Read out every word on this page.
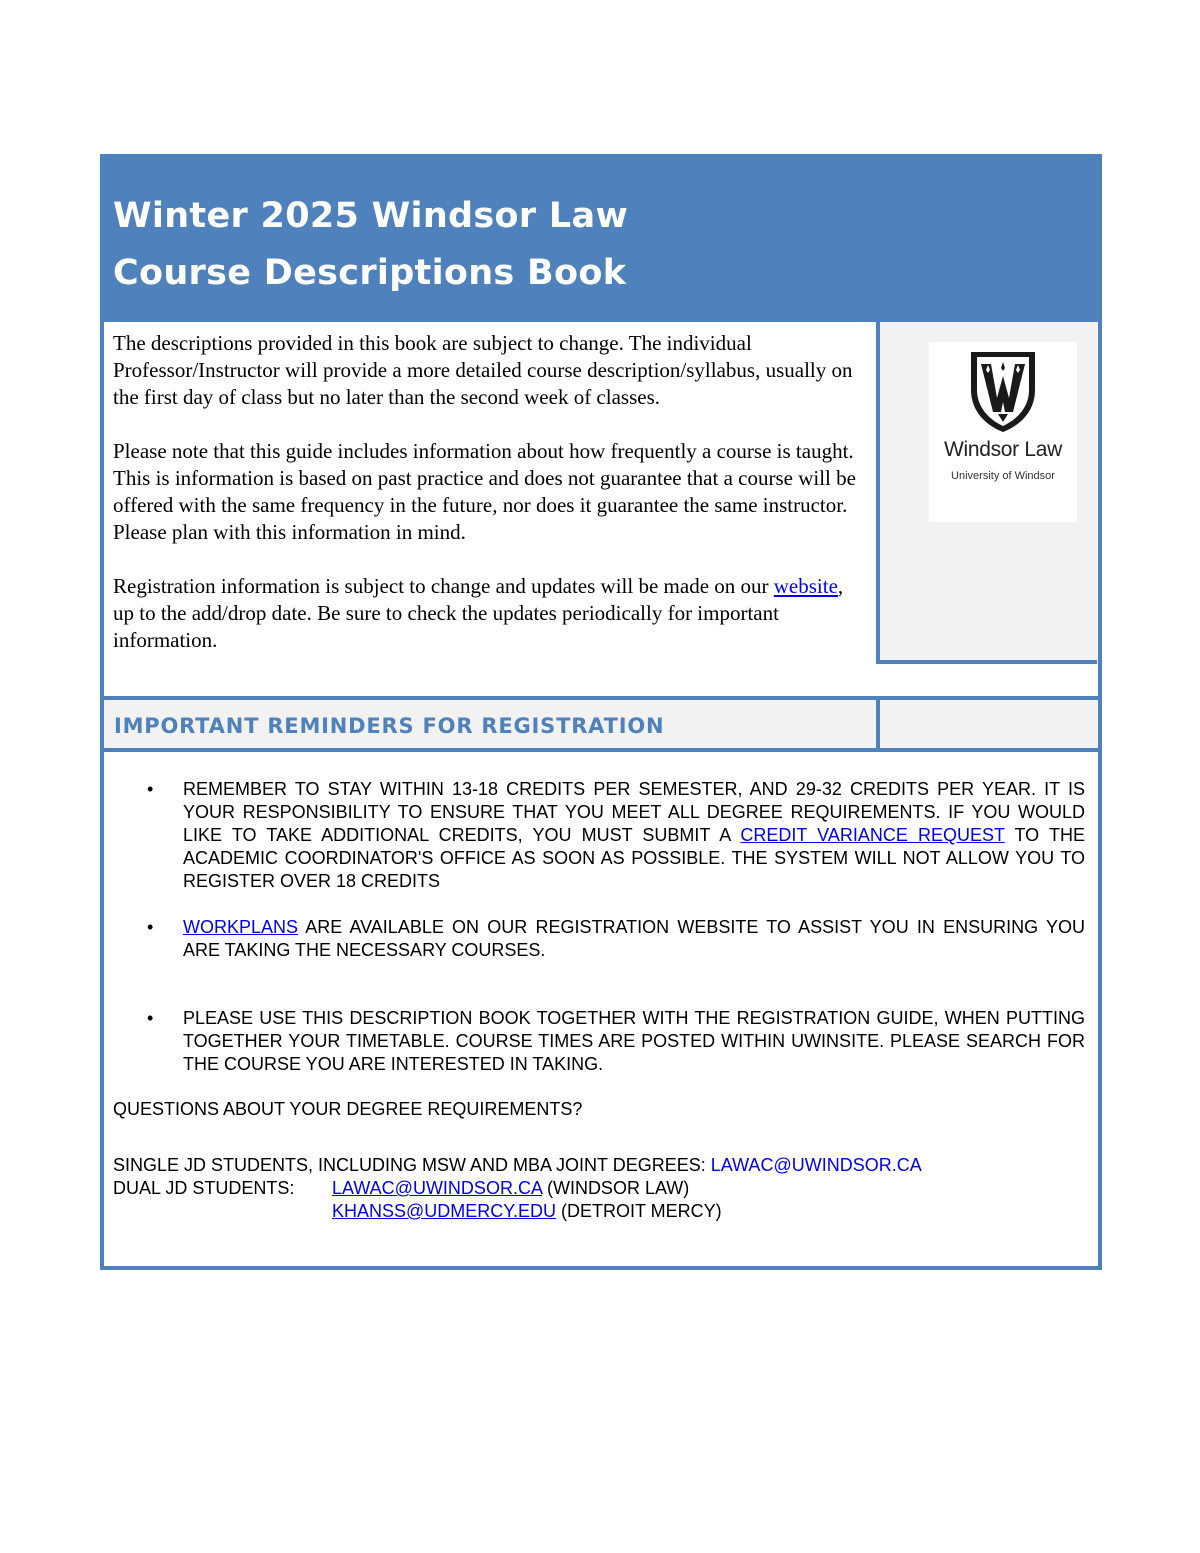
Winter 2025 Windsor Law
Course Descriptions Book

The descriptions provided in this book are subject to change. The individual Professor/Instructor will provide a more detailed course description/syllabus, usually on the first day of class but no later than the second week of classes.

Please note that this guide includes information about how frequently a course is taught. This is information is based on past practice and does not guarantee that a course will be offered with the same frequency in the future, nor does it guarantee the same instructor. Please plan with this information in mind.

Registration information is subject to change and updates will be made on our website, up to the add/drop date. Be sure to check the updates periodically for important information.

Windsor Law
University of Windsor
IMPORTANT REMINDERS FOR REGISTRATION
• REMEMBER TO STAY WITHIN 13-18 CREDITS PER SEMESTER, AND 29-32 CREDITS PER YEAR. IT IS YOUR RESPONSIBILITY TO ENSURE THAT YOU MEET ALL DEGREE REQUIREMENTS. IF YOU WOULD LIKE TO TAKE ADDITIONAL CREDITS, YOU MUST SUBMIT A CREDIT VARIANCE REQUEST TO THE ACADEMIC COORDINATOR'S OFFICE AS SOON AS POSSIBLE. THE SYSTEM WILL NOT ALLOW YOU TO REGISTER OVER 18 CREDITS
• WORKPLANS ARE AVAILABLE ON OUR REGISTRATION WEBSITE TO ASSIST YOU IN ENSURING YOU ARE TAKING THE NECESSARY COURSES.
• PLEASE USE THIS DESCRIPTION BOOK TOGETHER WITH THE REGISTRATION GUIDE, WHEN PUTTING TOGETHER YOUR TIMETABLE. COURSE TIMES ARE POSTED WITHIN UWINSITE. PLEASE SEARCH FOR THE COURSE YOU ARE INTERESTED IN TAKING.
QUESTIONS ABOUT YOUR DEGREE REQUIREMENTS?
SINGLE JD STUDENTS, INCLUDING MSW AND MBA JOINT DEGREES: LAWAC@UWINDSOR.CA
DUAL JD STUDENTS: LAWAC@UWINDSOR.CA (WINDSOR LAW)
KHANSS@UDMERCY.EDU (DETROIT MERCY)
